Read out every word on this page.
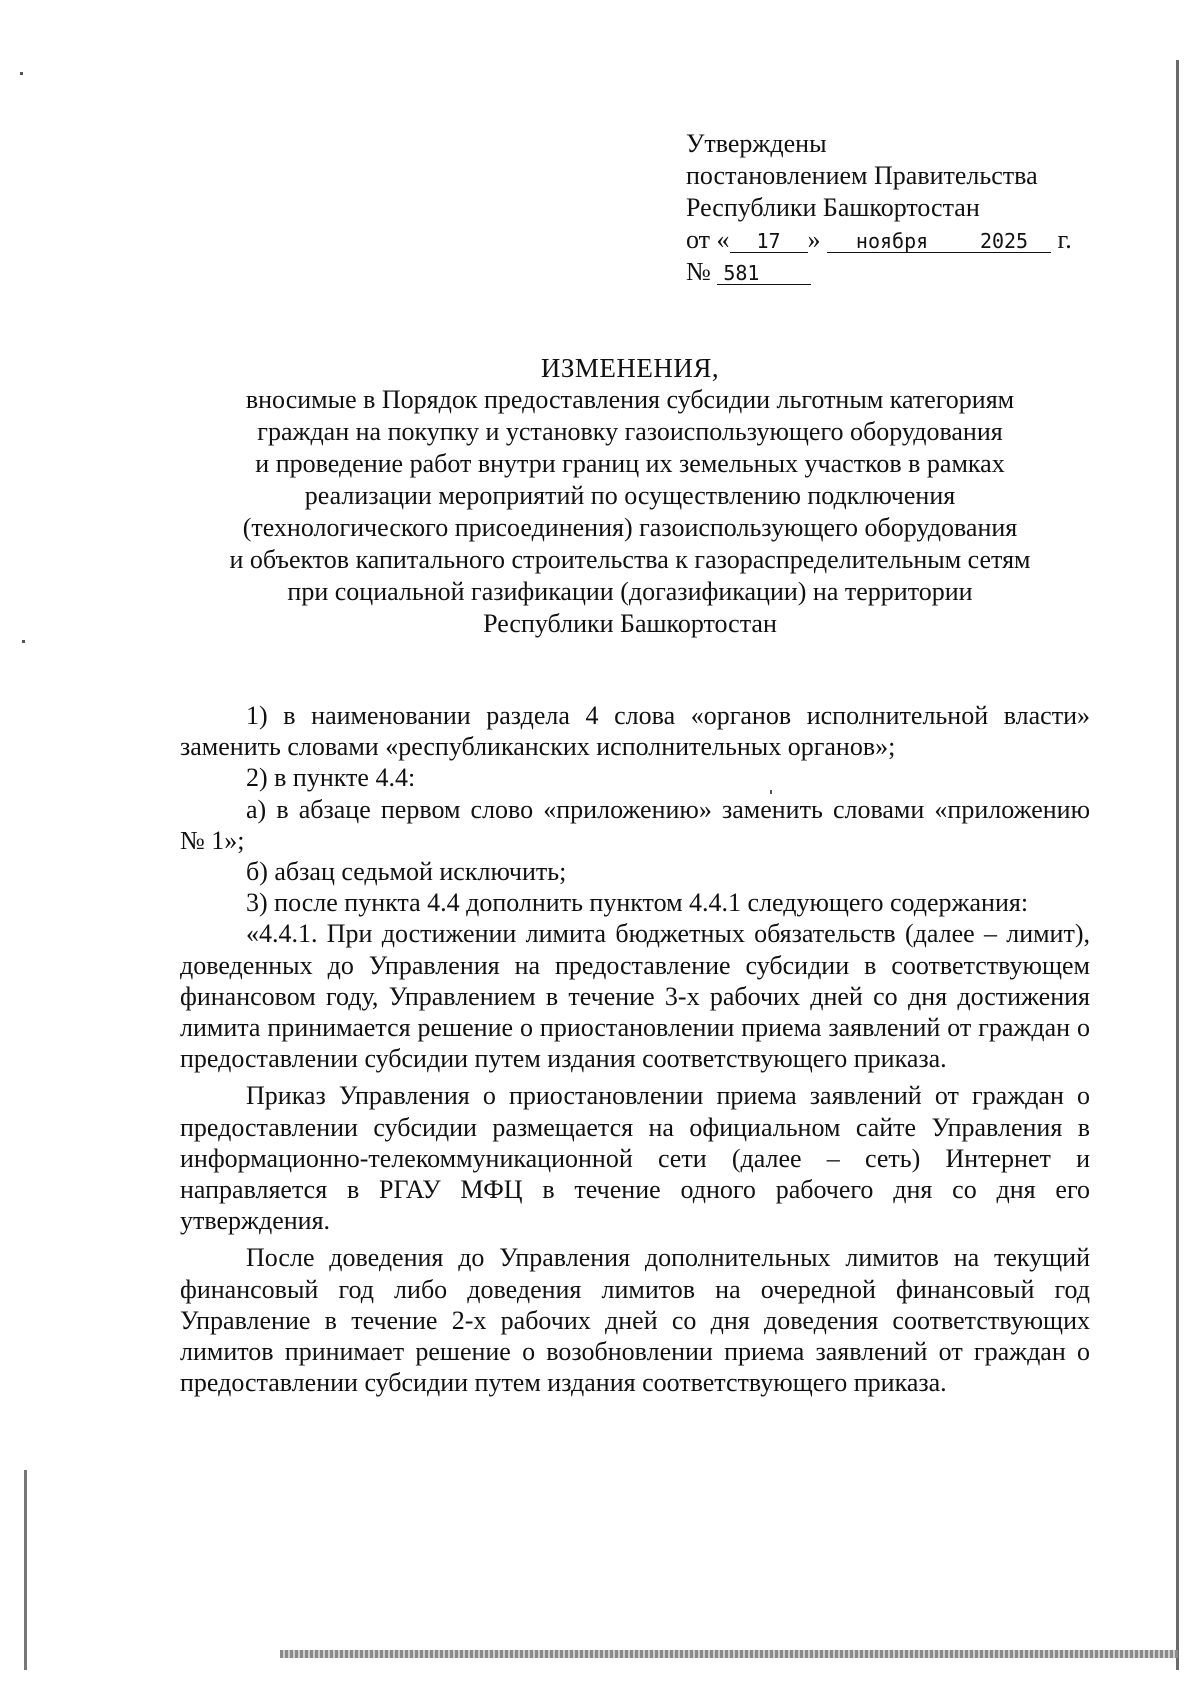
Утверждены
постановлением Правительства
Республики Башкортостан
от « 17 » ноября	2025 г.
№ 581
ИЗМЕНЕНИЯ,
вносимые в Порядок предоставления субсидии льготным категориям
граждан на покупку и установку газоиспользующего оборудования
и проведение работ внутри границ их земельных участков в рамках
реализации мероприятий по осуществлению подключения
(технологического присоединения) газоиспользующего оборудования
и объектов капитального строительства к газораспределительным сетям
при социальной газификации (догазификации) на территории
Республики Башкортостан

1) в наименовании раздела 4 слова «органов исполнительной власти» заменить словами «республиканских исполнительных органов»;

2) в пункте 4.4:

а) в абзаце первом слово «приложению» заменить словами «приложению № 1»;

б) абзац седьмой исключить;

3) после пункта 4.4 дополнить пунктом 4.4.1 следующего содержания:

«4.4.1. При достижении лимита бюджетных обязательств (далее – лимит), доведенных до Управления на предоставление субсидии в соответствующем финансовом году, Управлением в течение 3-х рабочих дней со дня достижения лимита принимается решение о приостановлении приема заявлений от граждан о предоставлении субсидии путем издания соответствующего приказа.

Приказ Управления о приостановлении приема заявлений от граждан о предоставлении субсидии размещается на официальном сайте Управления в информационно-телекоммуникационной сети (далее – сеть) Интернет и направляется в РГАУ МФЦ в течение одного рабочего дня со дня его утверждения.

После доведения до Управления дополнительных лимитов на текущий финансовый год либо доведения лимитов на очередной финансовый год Управление в течение 2-х рабочих дней со дня доведения соответствующих лимитов принимает решение о возобновлении приема заявлений от граждан о предоставлении субсидии путем издания соответствующего приказа.
